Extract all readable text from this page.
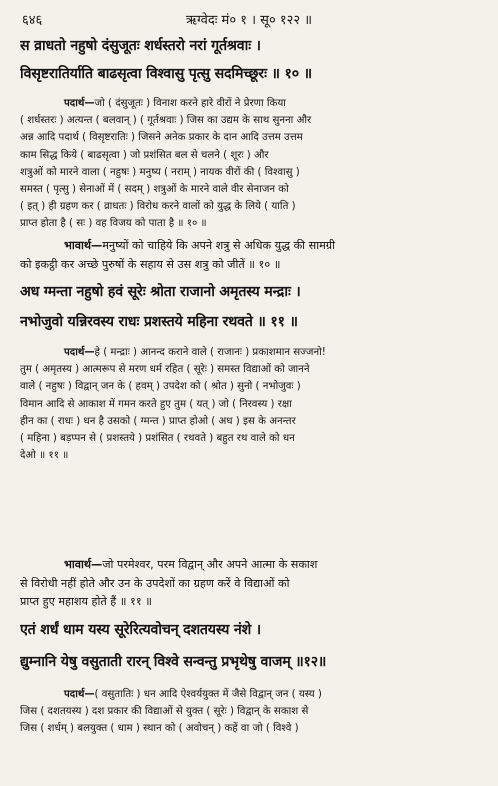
६४६	ऋग्वेदः मं० १ । सू० १२२ ॥
स व्राधतो नहुषो दंसुजूतः शर्धस्तरो नरां गूर्तश्रवाः ।
विसृष्टरातिर्याति बाढसृत्वा विश्वासु पृत्सु सदमिच्छूरः ॥ १० ॥

पदार्थ—जो ( दंसुजूतः ) विनाश करने हारे वीरों ने प्रेरणा किया

( शर्धस्तरः ) अत्यन्त ( बलवान् ) ( गूर्तश्रवाः ) जिस का उद्यम के साथ सुनना और

अन्न आदि पदार्थ ( विसृष्टरातिः ) जिसने अनेक प्रकार के दान आदि उत्तम उत्तम

काम सिद्ध किये ( बाढसृत्वा ) जो प्रशंसित बल से चलने ( शूरः ) और

शत्रुओं को मारने वाला ( नहुषः ) मनुष्य ( नराम् ) नायक वीरों की ( विश्वासु )

समस्त ( पृत्सु ) सेनाओं में ( सदम् ) शत्रुओं के मारने वाले वीर सेनाजन को

( इत् ) ही ग्रहण कर ( व्राधतः ) विरोध करने वालों को युद्ध के लिये ( याति )

प्राप्त होता है ( सः ) वह विजय को पाता है ॥ १० ॥

भावार्थ—मनुष्यों को चाहिये कि अपने शत्रु से अधिक युद्ध की सामग्री

को इकट्ठी कर अच्छे पुरुषों के सहाय से उस शत्रु को जीतें ॥ १० ॥

अध ग्मन्ता नहुषो हवं सूरेः श्रोता राजानो अमृतस्य मन्द्राः ।
नभोजुवो यन्निरवस्य राधः प्रशस्तये महिना रथवते ॥ ११ ॥

पदार्थ—हे ( मन्द्राः ) आनन्द कराने वाले ( राजानः ) प्रकाशमान सज्जनो!

तुम ( अमृतस्य ) आत्मरूप से मरण धर्म रहित ( सूरेः ) समस्त विद्याओं को जानने

वाले ( नहुषः ) विद्वान् जन के ( हवम् ) उपदेश को ( श्रोत ) सुनो ( नभोजुवः )

विमान आदि से आकाश में गमन करते हुए तुम ( यत् ) जो ( निरवस्य ) रक्षा

हीन का ( राधः ) धन है उसको ( ग्मन्त ) प्राप्त होओ ( अध ) इस के अनन्तर

( महिना ) बड़प्पन से ( प्रशस्तये ) प्रशंसित ( रथवते ) बहुत रथ वाले को धन

देओ ॥ ११ ॥

भावार्थ—जो परमेश्वर, परम विद्वान् और अपने आत्मा के सकाश

से विरोधी नहीं होते और उन के उपदेशों का ग्रहण करें वे विद्याओं को

प्राप्त हुए महाशय होते हैं ॥ ११ ॥

एतं शर्धं धाम यस्य सूरेरित्यवोचन् दशतयस्य नंशे ।
द्युम्नानि येषु वसुताती रारन् विश्वे सन्वन्तु प्रभृथेषु वाजम् ॥१२॥

पदार्थ—( वसुतातिः ) धन आदि ऐश्वर्ययुक्त में जैसे विद्वान् जन ( यस्य )

जिस ( दशतयस्य ) दश प्रकार की विद्याओं से युक्त ( सूरेः ) विद्वान् के सकाश से

जिस ( शर्धम् ) बलयुक्त ( धाम ) स्थान को ( अवोचन् ) कहें वा जो ( विश्वे )
